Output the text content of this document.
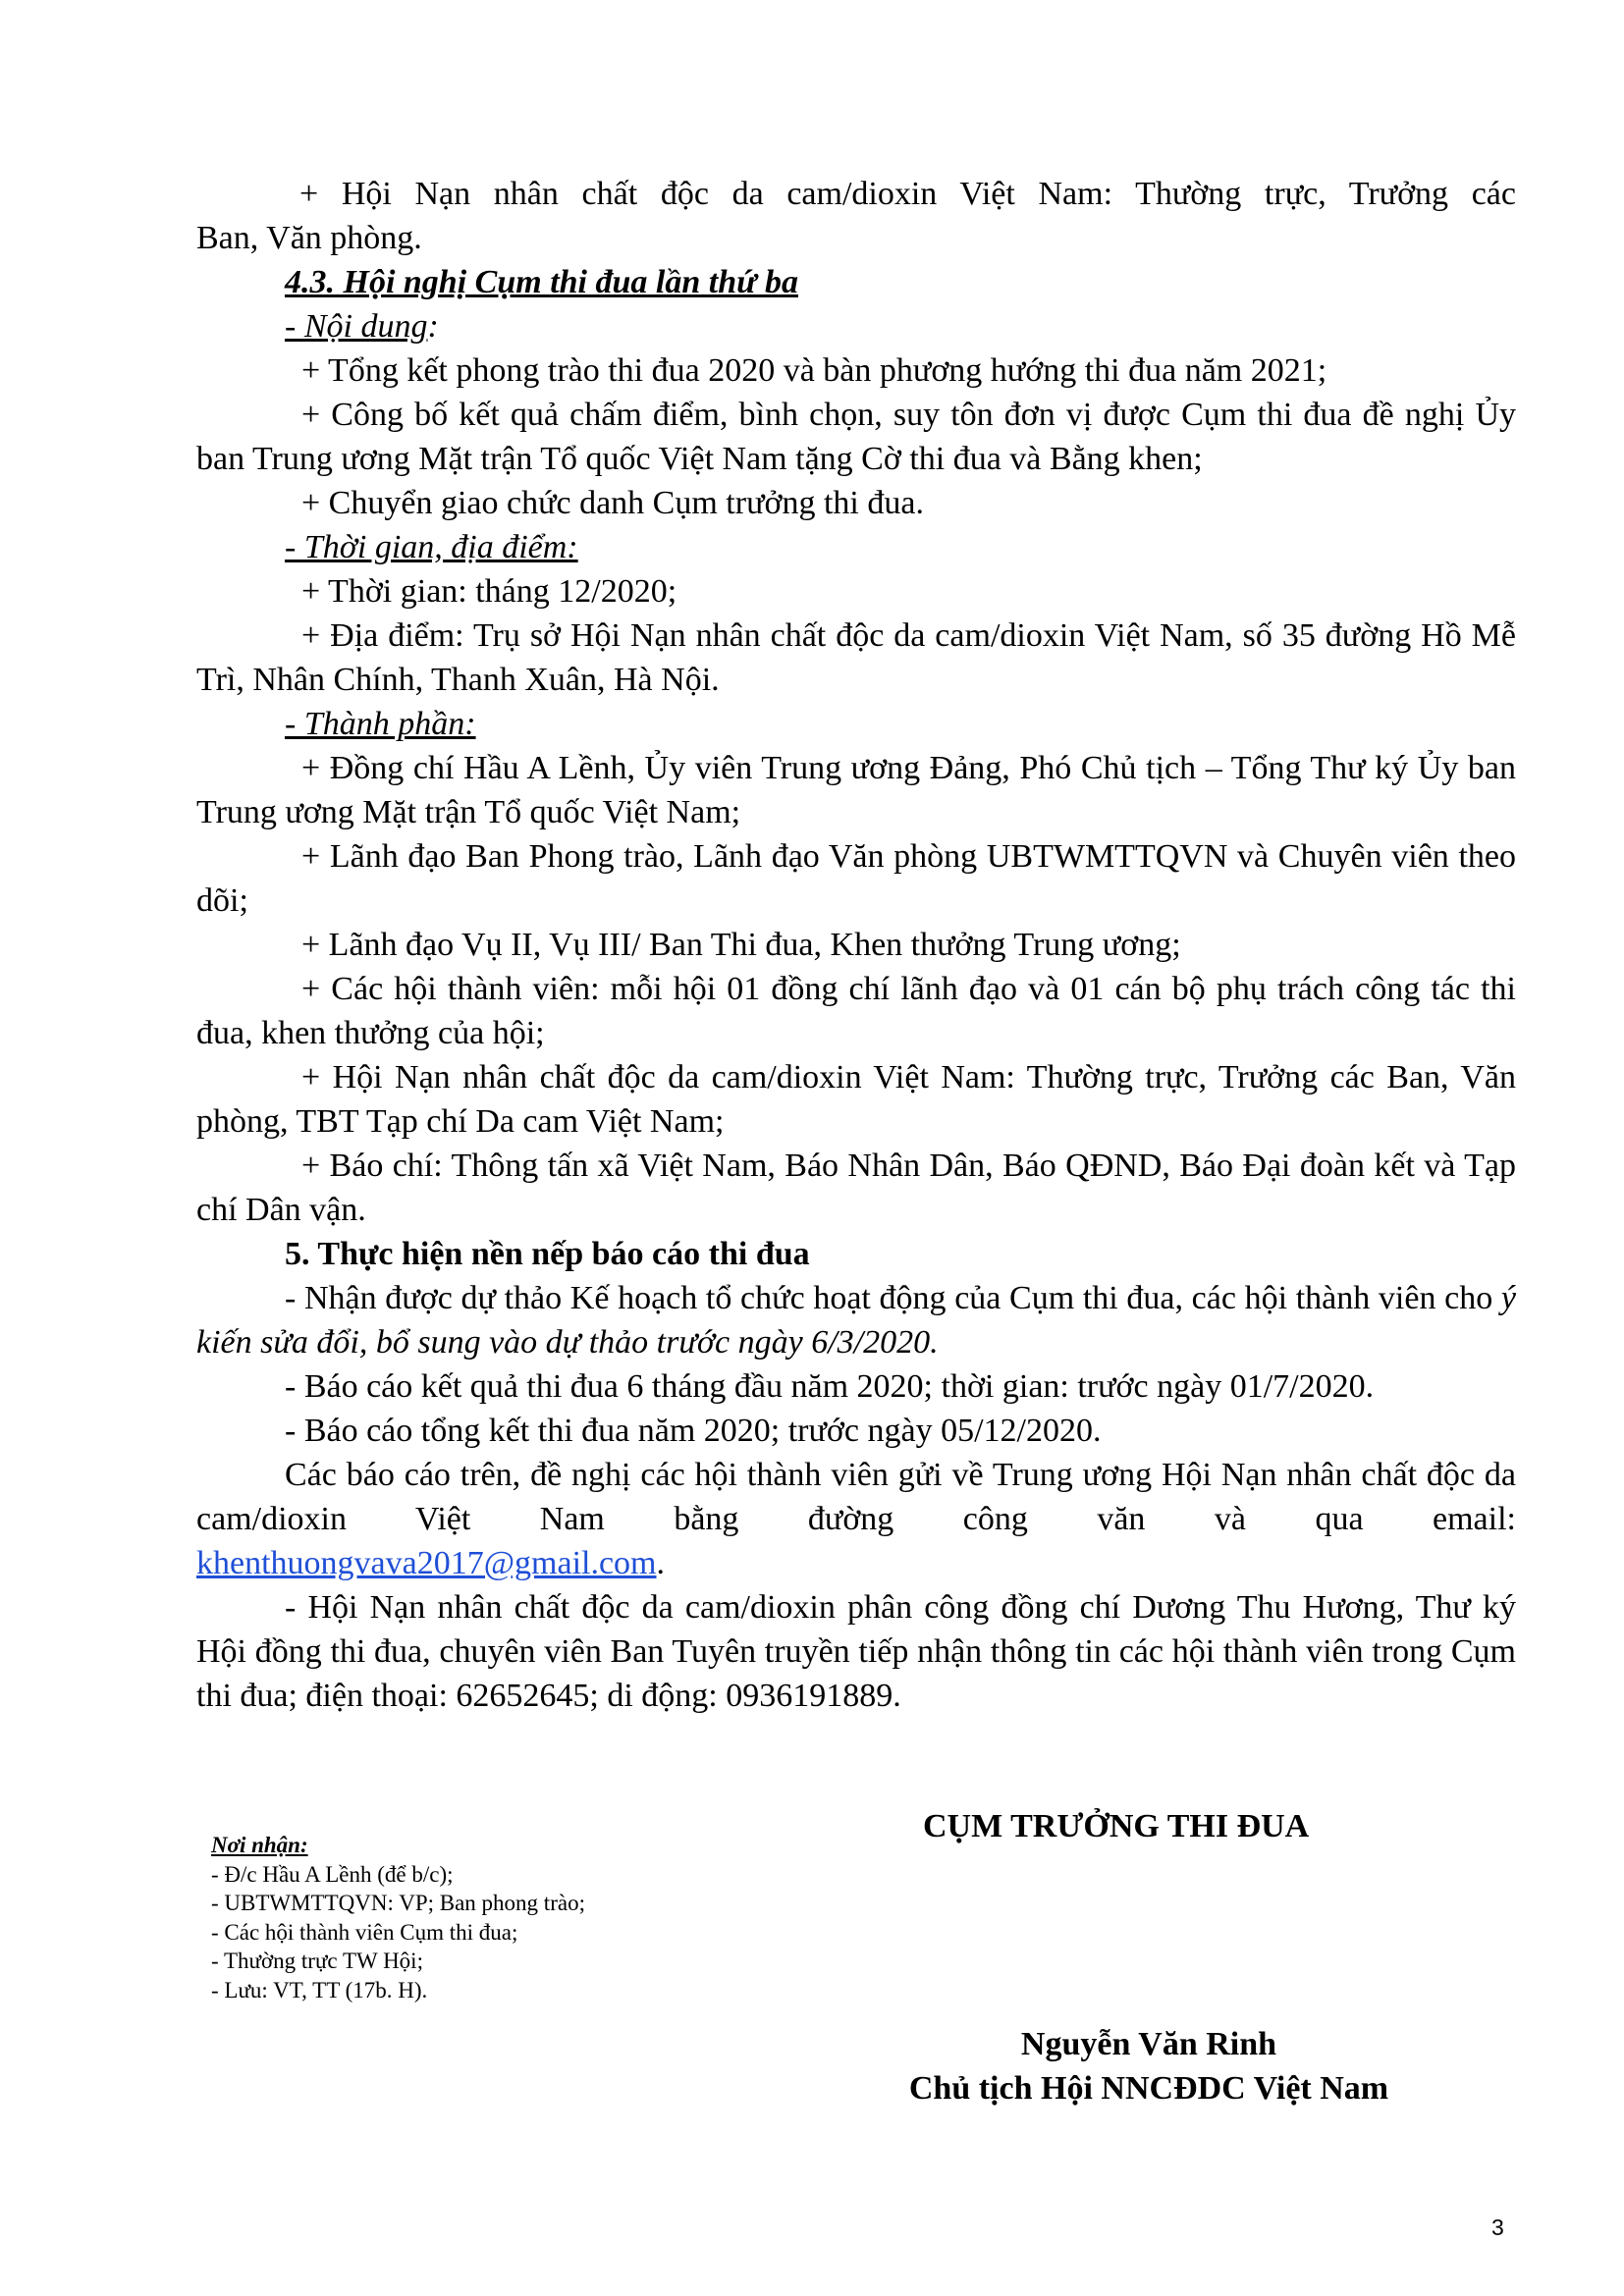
+ Hội Nạn nhân chất độc da cam/dioxin Việt Nam: Thường trực, Trưởng các

Ban, Văn phòng.

4.3. Hội nghị Cụm thi đua lần thứ ba

- Nội dung:

+ Tổng kết phong trào thi đua 2020 và bàn phương hướng thi đua năm 2021;

+ Công bố kết quả chấm điểm, bình chọn, suy tôn đơn vị được Cụm thi đua đề nghị Ủy ban Trung ương Mặt trận Tổ quốc Việt Nam tặng Cờ thi đua và Bằng khen;

+ Chuyển giao chức danh Cụm trưởng thi đua.

- Thời gian, địa điểm:

+ Thời gian: tháng 12/2020;

+ Địa điểm: Trụ sở Hội Nạn nhân chất độc da cam/dioxin Việt Nam, số 35 đường Hồ Mễ Trì, Nhân Chính, Thanh Xuân, Hà Nội.

- Thành phần:

+ Đồng chí Hầu A Lềnh, Ủy viên Trung ương Đảng, Phó Chủ tịch – Tổng Thư ký Ủy ban Trung ương Mặt trận Tổ quốc Việt Nam;

+ Lãnh đạo Ban Phong trào, Lãnh đạo Văn phòng UBTWMTTQVN và Chuyên viên theo dõi;

+ Lãnh đạo Vụ II, Vụ III/ Ban Thi đua, Khen thưởng Trung ương;

+ Các hội thành viên: mỗi hội 01 đồng chí lãnh đạo và 01 cán bộ phụ trách công tác thi đua, khen thưởng của hội;

+ Hội Nạn nhân chất độc da cam/dioxin Việt Nam: Thường trực, Trưởng các Ban, Văn phòng, TBT Tạp chí Da cam Việt Nam;

+ Báo chí: Thông tấn xã Việt Nam, Báo Nhân Dân, Báo QĐND, Báo Đại đoàn kết và Tạp chí Dân vận.

5. Thực hiện nền nếp báo cáo thi đua

- Nhận được dự thảo Kế hoạch tổ chức hoạt động của Cụm thi đua, các hội thành viên cho ý kiến sửa đổi, bổ sung vào dự thảo trước ngày 6/3/2020.

- Báo cáo kết quả thi đua 6 tháng đầu năm 2020; thời gian: trước ngày 01/7/2020.

- Báo cáo tổng kết thi đua năm 2020; trước ngày 05/12/2020.

Các báo cáo trên, đề nghị các hội thành viên gửi về Trung ương Hội Nạn nhân chất độc da cam/dioxin Việt Nam bằng đường công văn và qua email:

khenthuongvava2017@gmail.com.

- Hội Nạn nhân chất độc da cam/dioxin phân công đồng chí Dương Thu Hương, Thư ký Hội đồng thi đua, chuyên viên Ban Tuyên truyền tiếp nhận thông tin các hội thành viên trong Cụm thi đua; điện thoại: 62652645; di động: 0936191889.

CỤM TRƯỞNG THI ĐUA
Nơi nhận:
- Đ/c Hầu A Lềnh (để b/c);
- UBTWMTTQVN: VP; Ban phong trào;
- Các hội thành viên Cụm thi đua;
- Thường trực TW Hội;
- Lưu: VT, TT (17b. H).
Nguyễn Văn Rinh
Chủ tịch Hội NNCĐDC Việt Nam
3
